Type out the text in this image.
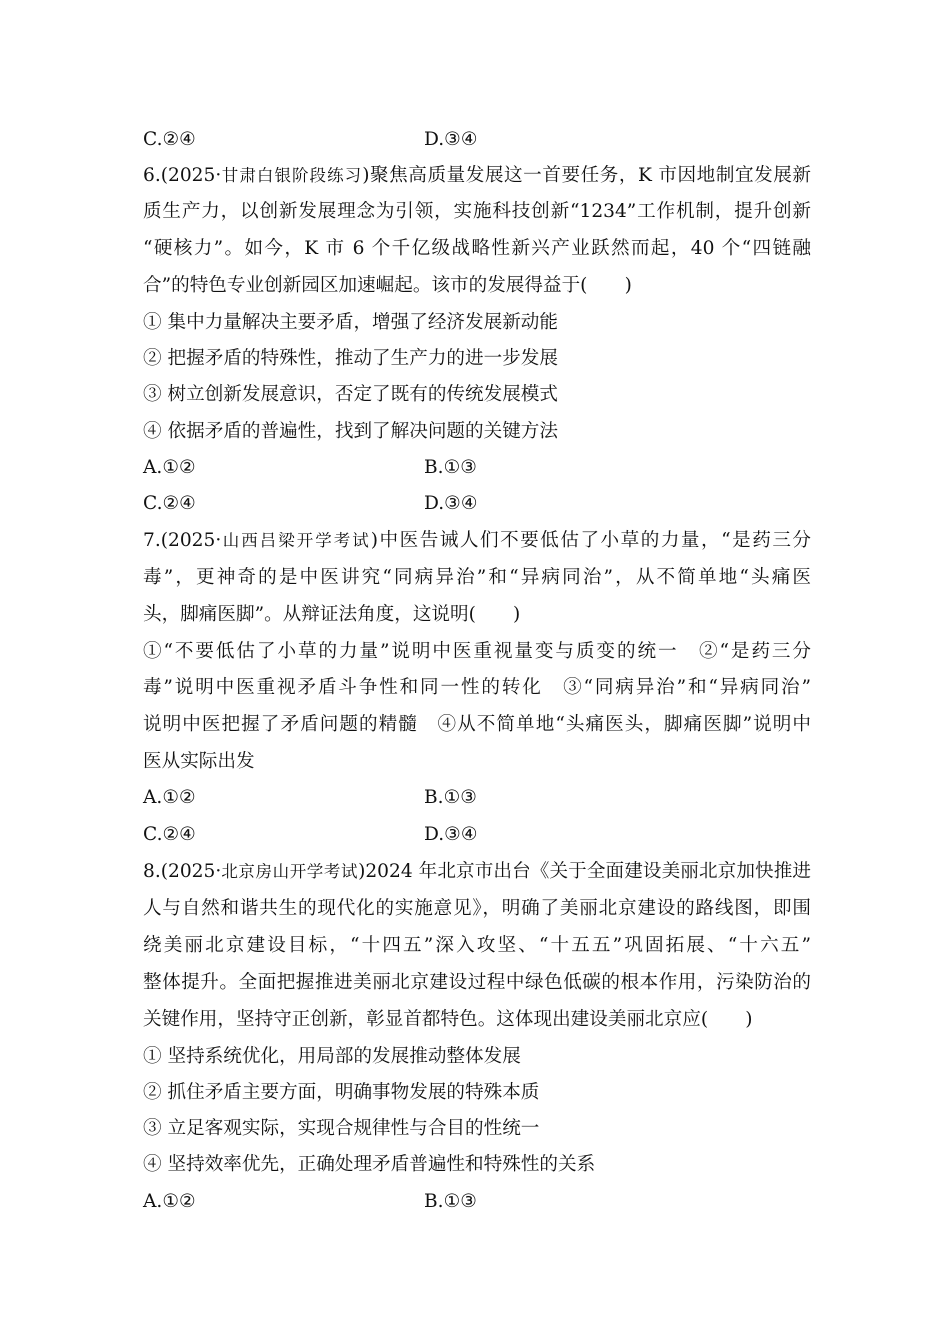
C.②④	D.③④
6.(2025·甘肃白银阶段练习)聚焦高质量发展这一首要任务，K 市因地制宜发展新
质生产力，以创新发展理念为引领，实施科技创新“1234”工作机制，提升创新
“硬核力”。如今，K 市 6 个千亿级战略性新兴产业跃然而起，40 个“四链融
合”的特色专业创新园区加速崛起。该市的发展得益于(　　)
① 集中力量解决主要矛盾，增强了经济发展新动能
② 把握矛盾的特殊性，推动了生产力的进一步发展
③ 树立创新发展意识，否定了既有的传统发展模式
④ 依据矛盾的普遍性，找到了解决问题的关键方法
A.①②	B.①③
C.②④	D.③④
7.(2025·山西吕梁开学考试)中医告诫人们不要低估了小草的力量，“是药三分
毒”，更神奇的是中医讲究“同病异治”和“异病同治”，从不简单地“头痛医
头，脚痛医脚”。从辩证法角度，这说明(　　)
①“不要低估了小草的力量”说明中医重视量变与质变的统一　②“是药三分
毒”说明中医重视矛盾斗争性和同一性的转化　③“同病异治”和“异病同治”
说明中医把握了矛盾问题的精髓　④从不简单地“头痛医头，脚痛医脚”说明中
医从实际出发
A.①②	B.①③
C.②④	D.③④
8.(2025·北京房山开学考试)2024 年北京市出台《关于全面建设美丽北京加快推进
人与自然和谐共生的现代化的实施意见》，明确了美丽北京建设的路线图，即围
绕美丽北京建设目标，“十四五”深入攻坚、“十五五”巩固拓展、“十六五”
整体提升。全面把握推进美丽北京建设过程中绿色低碳的根本作用，污染防治的
关键作用，坚持守正创新，彰显首都特色。这体现出建设美丽北京应(　　)
① 坚持系统优化，用局部的发展推动整体发展
② 抓住矛盾主要方面，明确事物发展的特殊本质
③ 立足客观实际，实现合规律性与合目的性统一
④ 坚持效率优先，正确处理矛盾普遍性和特殊性的关系
A.①②	B.①③
